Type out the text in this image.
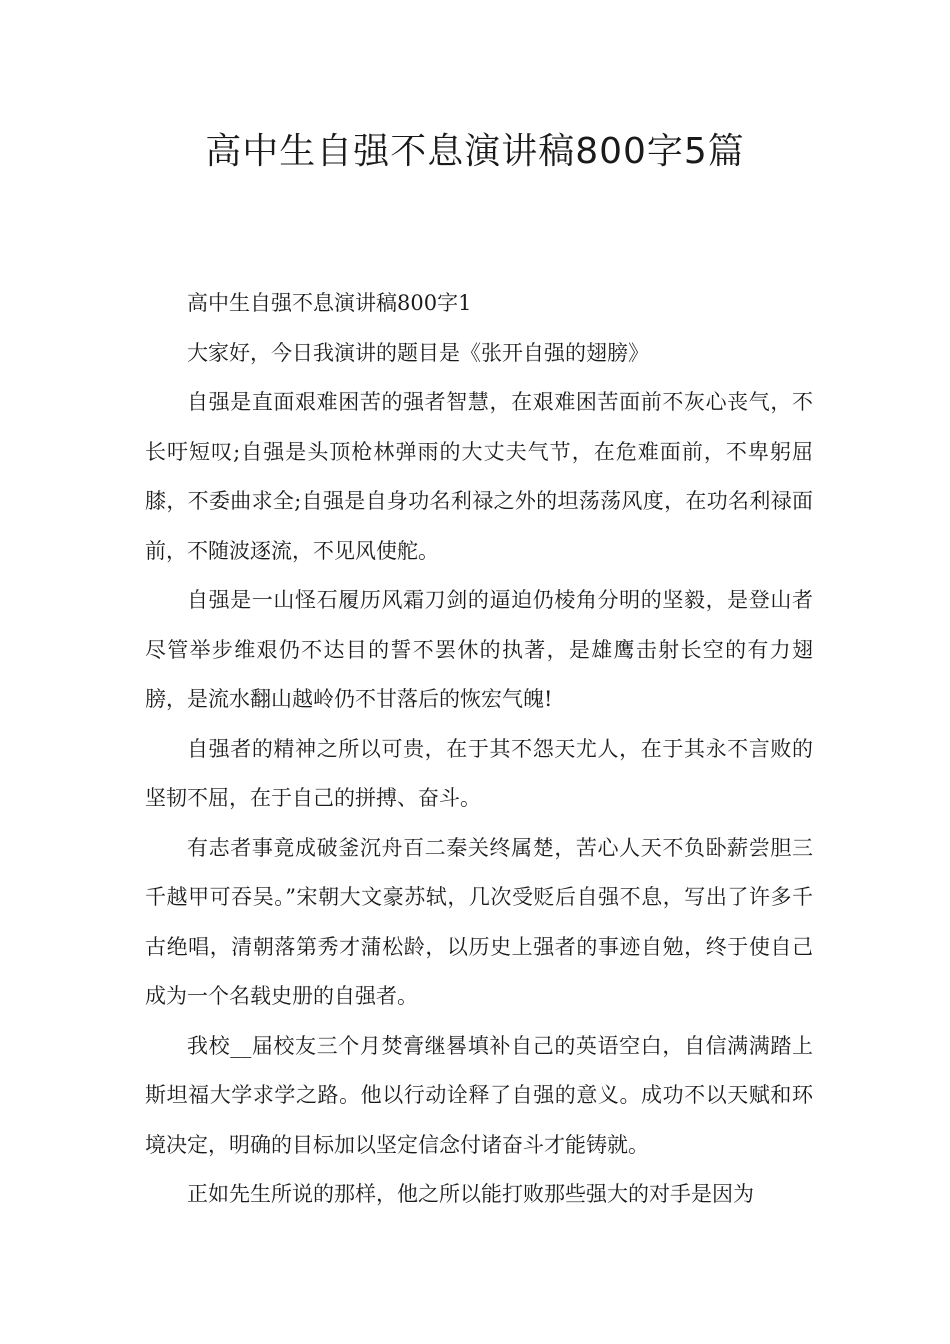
高中生自强不息演讲稿800字5篇

高中生自强不息演讲稿800字1

大家好，今日我演讲的题目是《张开自强的翅膀》

自强是直面艰难困苦的强者智慧，在艰难困苦面前不灰心丧气，不长吁短叹;自强是头顶枪林弹雨的大丈夫气节，在危难面前，不卑躬屈膝，不委曲求全;自强是自身功名利禄之外的坦荡荡风度，在功名利禄面前，不随波逐流，不见风使舵。

自强是一山怪石履历风霜刀剑的逼迫仍棱角分明的坚毅，是登山者尽管举步维艰仍不达目的誓不罢休的执著，是雄鹰击射长空的有力翅膀，是流水翻山越岭仍不甘落后的恢宏气魄!

自强者的精神之所以可贵，在于其不怨天尤人，在于其永不言败的坚韧不屈，在于自己的拼搏、奋斗。

有志者事竟成破釜沉舟百二秦关终属楚，苦心人天不负卧薪尝胆三千越甲可吞吴。”宋朝大文豪苏轼，几次受贬后自强不息，写出了许多千古绝唱，清朝落第秀才蒲松龄，以历史上强者的事迹自勉，终于使自己成为一个名载史册的自强者。

我校__届校友三个月焚膏继晷填补自己的英语空白，自信满满踏上斯坦福大学求学之路。他以行动诠释了自强的意义。成功不以天赋和环境决定，明确的目标加以坚定信念付诸奋斗才能铸就。

正如先生所说的那样，他之所以能打败那些强大的对手是因为
